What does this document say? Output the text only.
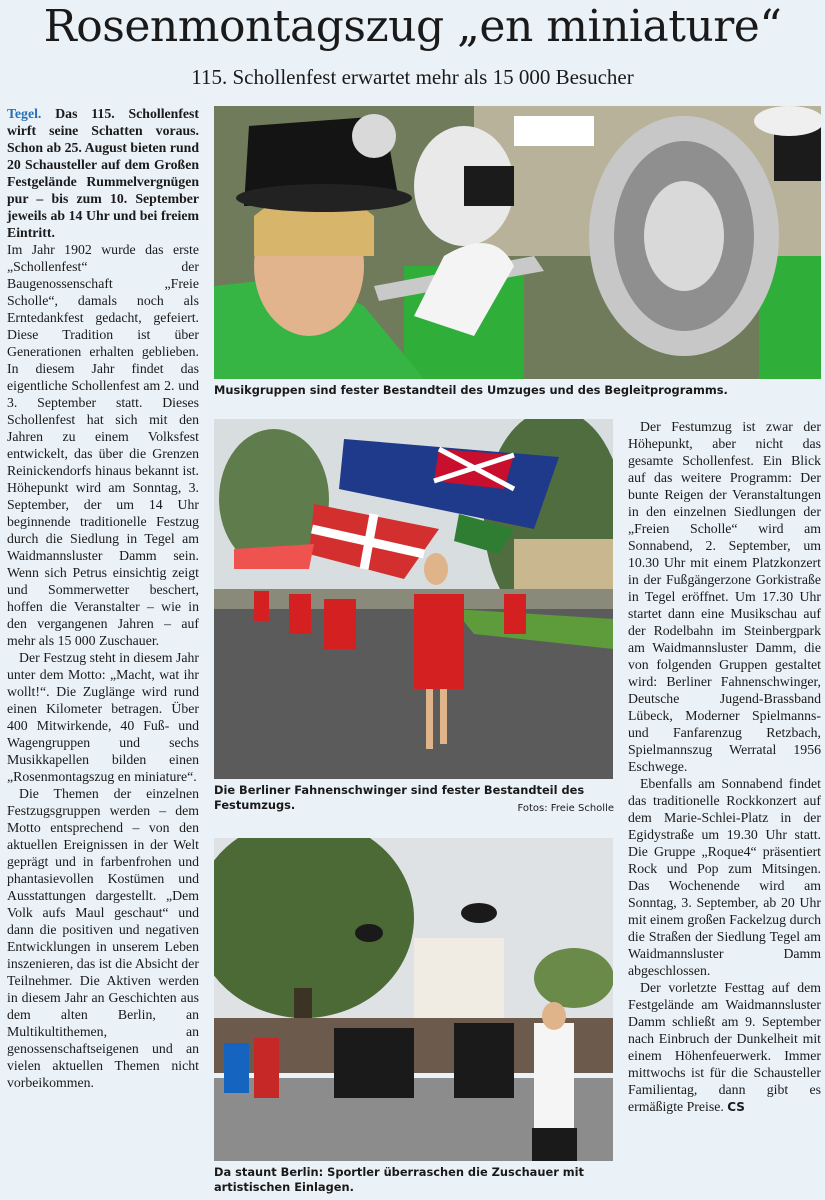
Rosenmontagszug „en miniature“
115. Schollenfest erwartet mehr als 15 000 Besucher

Tegel. Das 115. Schollenfest wirft seine Schatten voraus. Schon ab 25. August bieten rund 20 Schausteller auf dem Großen Festgelände Rummelvergnügen pur – bis zum 10. September jeweils ab 14 Uhr und bei freiem Eintritt.

Im Jahr 1902 wurde das erste „Schollenfest“ der Baugenossenschaft „Freie Scholle“, damals noch als Erntedankfest gedacht, gefeiert. Diese Tradition ist über Generationen erhalten geblieben. In diesem Jahr findet das eigentliche Schollenfest am 2. und 3. September statt. Dieses Schollenfest hat sich mit den Jahren zu einem Volksfest entwickelt, das über die Grenzen Reinickendorfs hinaus bekannt ist. Höhepunkt wird am Sonntag, 3. September, der um 14 Uhr beginnende traditionelle Festzug durch die Siedlung in Tegel am Waidmannsluster Damm sein. Wenn sich Petrus einsichtig zeigt und Sommerwetter beschert, hoffen die Veranstalter – wie in den vergangenen Jahren – auf mehr als 15 000 Zuschauer.

Der Festzug steht in diesem Jahr unter dem Motto: „Macht, wat ihr wollt!“. Die Zuglänge wird rund einen Kilometer betragen. Über 400 Mitwirkende, 40 Fuß- und Wagengruppen und sechs Musikkapellen bilden einen „Rosenmontagszug en miniature“.

Die Themen der einzelnen Festzugsgruppen werden – dem Motto entsprechend – von den aktuellen Ereignissen in der Welt geprägt und in farbenfrohen und phantasievollen Kostümen und Ausstattungen dargestellt. „Dem Volk aufs Maul geschaut“ und dann die positiven und negativen Entwicklungen in unserem Leben inszenieren, das ist die Absicht der Teilnehmer. Die Aktiven werden in diesem Jahr an Geschichten aus dem alten Berlin, an Multikultithemen, an genossenschaftseigenen und an vielen aktuellen Themen nicht vorbeikommen.

Musikgruppen sind fester Bestandteil des Umzuges und des Begleitprogramms.
Die Berliner Fahnenschwinger sind fester Bestandteil des Festumzugs.	Fotos: Freie Scholle
Da staunt Berlin: Sportler überraschen die Zuschauer mit artistischen Einlagen.

Der Festumzug ist zwar der Höhepunkt, aber nicht das gesamte Schollenfest. Ein Blick auf das weitere Programm: Der bunte Reigen der Veranstaltungen in den einzelnen Siedlungen der „Freien Scholle“ wird am Sonnabend, 2. September, um 10.30 Uhr mit einem Platzkonzert in der Fußgängerzone Gorkistraße in Tegel eröffnet. Um 17.30 Uhr startet dann eine Musikschau auf der Rodelbahn im Steinbergpark am Waidmannsluster Damm, die von folgenden Gruppen gestaltet wird: Berliner Fahnenschwinger, Deutsche Jugend-Brassband Lübeck, Moderner Spielmanns- und Fanfarenzug Retzbach, Spielmannszug Werratal 1956 Eschwege.

Ebenfalls am Sonnabend findet das traditionelle Rockkonzert auf dem Marie-Schlei-Platz in der Egidystraße um 19.30 Uhr statt. Die Gruppe „Roque4“ präsentiert Rock und Pop zum Mitsingen. Das Wochenende wird am Sonntag, 3. September, ab 20 Uhr mit einem großen Fackelzug durch die Straßen der Siedlung Tegel am Waidmannsluster Damm abgeschlossen.

Der vorletzte Festtag auf dem Festgelände am Waidmannsluster Damm schließt am 9. September nach Einbruch der Dunkelheit mit einem Höhenfeuerwerk. Immer mittwochs ist für die Schausteller Familientag, dann gibt es ermäßigte Preise. CS
